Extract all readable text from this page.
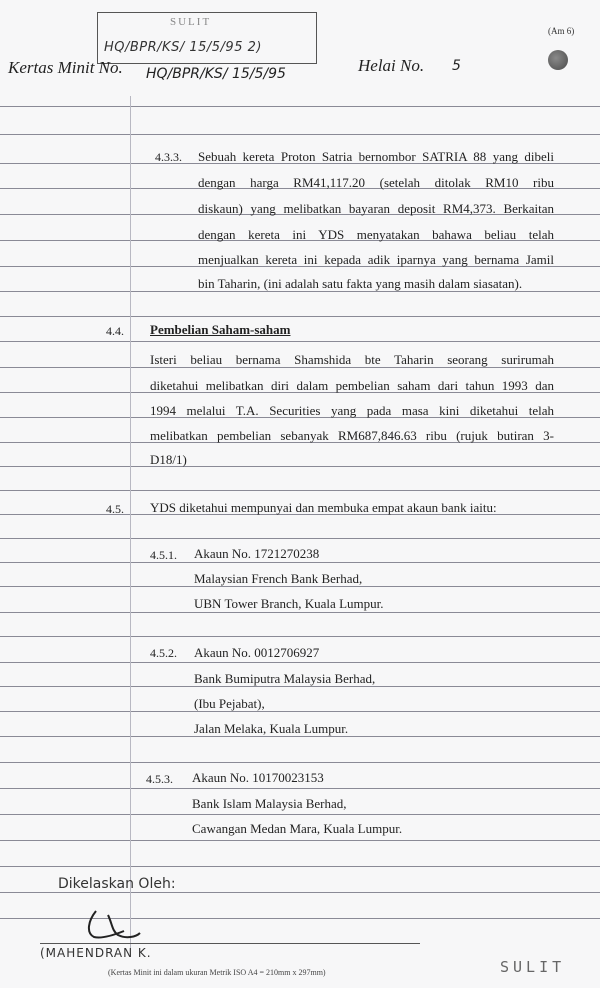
SULIT
HQ/BPR/KS/ 15/5/95 2)
(Am 6)
Kertas Minit No. HQ/BPR/KS/ 15/5/95	Helai No. 5
4.3.3. Sebuah kereta Proton Satria bernombor SATRIA 88 yang dibeli
dengan harga RM41,117.20 (setelah ditolak RM10 ribu
diskaun) yang melibatkan bayaran deposit RM4,373. Berkaitan
dengan kereta ini YDS menyatakan bahawa beliau telah
menjualkan kereta ini kepada adik iparnya yang bernama Jamil
bin Taharin, (ini adalah satu fakta yang masih dalam siasatan).
4.4. Pembelian Saham-saham
Isteri beliau bernama Shamshida bte Taharin seorang surirumah
diketahui melibatkan diri dalam pembelian saham dari tahun 1993 dan
1994 melalui T.A. Securities yang pada masa kini diketahui telah
melibatkan pembelian sebanyak RM687,846.63 ribu (rujuk butiran 3-
D18/1)
4.5. YDS diketahui mempunyai dan membuka empat akaun bank iaitu:
4.5.1. Akaun No. 1721270238
Malaysian French Bank Berhad,
UBN Tower Branch, Kuala Lumpur.
4.5.2. Akaun No. 0012706927
Bank Bumiputra Malaysia Berhad,
(Ibu Pejabat),
Jalan Melaka, Kuala Lumpur.
4.5.3. Akaun No. 10170023153
Bank Islam Malaysia Berhad,
Cawangan Medan Mara, Kuala Lumpur.
Dikelaskan Oleh:
(MAHENDRAN K.
(Kertas Minit ini dalam ukuran Metrik ISO A4 = 210mm x 297mm)	SULIT
